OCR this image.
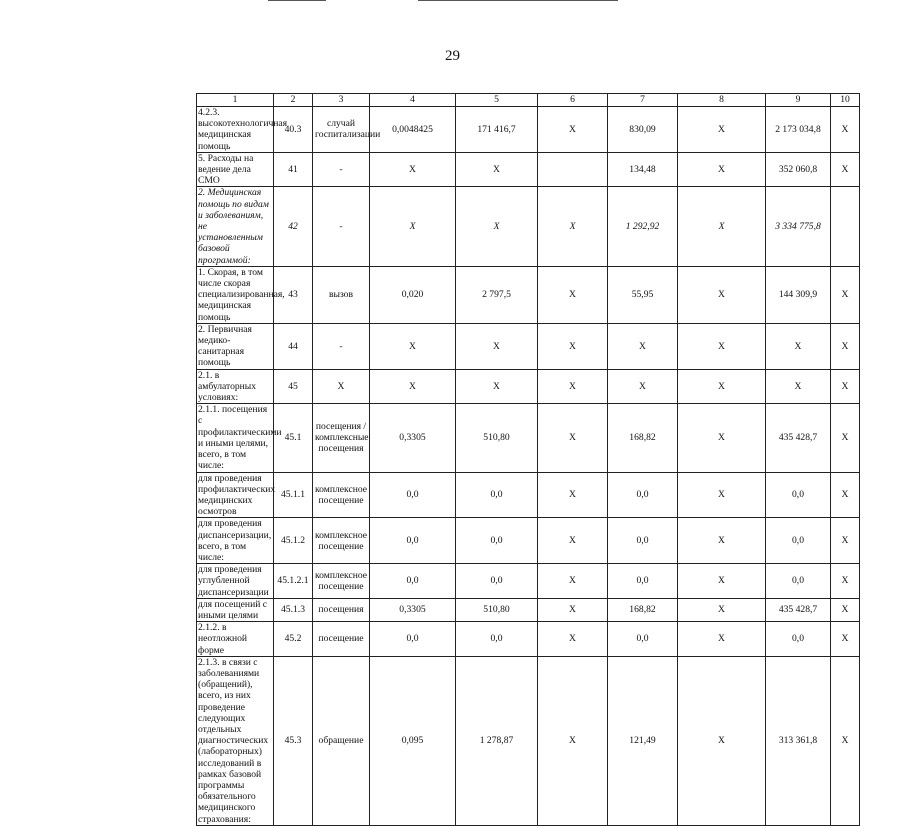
29
1	2	3	4	5	6	7	8	9	10
4.2.3. высокотехнологичная медицинская помощь	40.3	случай госпитализации	0,0048425	171 416,7	Х	830,09	Х	2 173 034,8	Х
5. Расходы на ведение дела СМО	41	-	Х	Х		134,48	Х	352 060,8	Х
2. Медицинская помощь по видам и заболеваниям, не установленным базовой программой:	42	-	Х	Х	Х	1 292,92	Х	3 334 775,8	
1. Скорая, в том числе скорая специализированная, медицинская помощь	43	вызов	0,020	2 797,5	Х	55,95	Х	144 309,9	Х
2. Первичная медико-санитарная помощь	44	-	Х	Х	Х	Х	Х	Х	Х
2.1. в амбулаторных условиях:	45	Х	Х	Х	Х	Х	Х	Х	Х
2.1.1. посещения с профилактическими и иными целями, всего, в том числе:	45.1	посещения / комплексные посещения	0,3305	510,80	Х	168,82	Х	435 428,7	Х
для проведения профилактических медицинских осмотров	45.1.1	комплексное посещение	0,0	0,0	Х	0,0	Х	0,0	Х
для проведения диспансеризации, всего, в том числе:	45.1.2	комплексное посещение	0,0	0,0	Х	0,0	Х	0,0	Х
для проведения углубленной диспансеризации	45.1.2.1	комплексное посещение	0,0	0,0	Х	0,0	Х	0,0	Х
для посещений с иными целями	45.1.3	посещения	0,3305	510,80	Х	168,82	Х	435 428,7	Х
2.1.2. в неотложной форме	45.2	посещение	0,0	0,0	Х	0,0	Х	0,0	Х
2.1.3. в связи с заболеваниями (обращений), всего, из них проведение следующих отдельных диагностических (лабораторных) исследований в рамках базовой программы обязательного медицинского страхования:	45.3	обращение	0,095	1 278,87	Х	121,49	Х	313 361,8	Х
